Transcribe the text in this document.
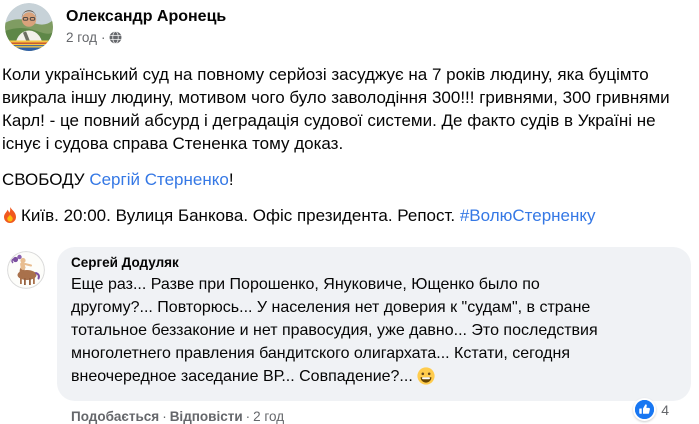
Олександр Аронець
2 год ·

Коли український суд на повному серйозі засуджує на 7 років людину, яка буцімто викрала іншу людину, мотивом чого було заволодіння 300!!! гривнями, 300 гривнями Карл! - це повний абсурд і деградація судової системи. Де факто судів в Україні не існує і судова справа Стененка тому доказ.

СВОБОДУ Сергій Стерненко!

Київ. 20:00. Вулиця Банкова. Офіс президента. Репост. #ВолюСтерненку

Сергей Додуляк
Еще раз... Разве при Порошенко, Януковиче, Ющенко было по другому?... Повторюсь... У населения нет доверия к "судам", в стране тотальное беззаконие и нет правосудия, уже давно... Это последствия многолетнего правления бандитского олигархата... Кстати, сегодня внеочередное заседание ВР... Совпадение?...
4
Подобається · Відповісти · 2 год
